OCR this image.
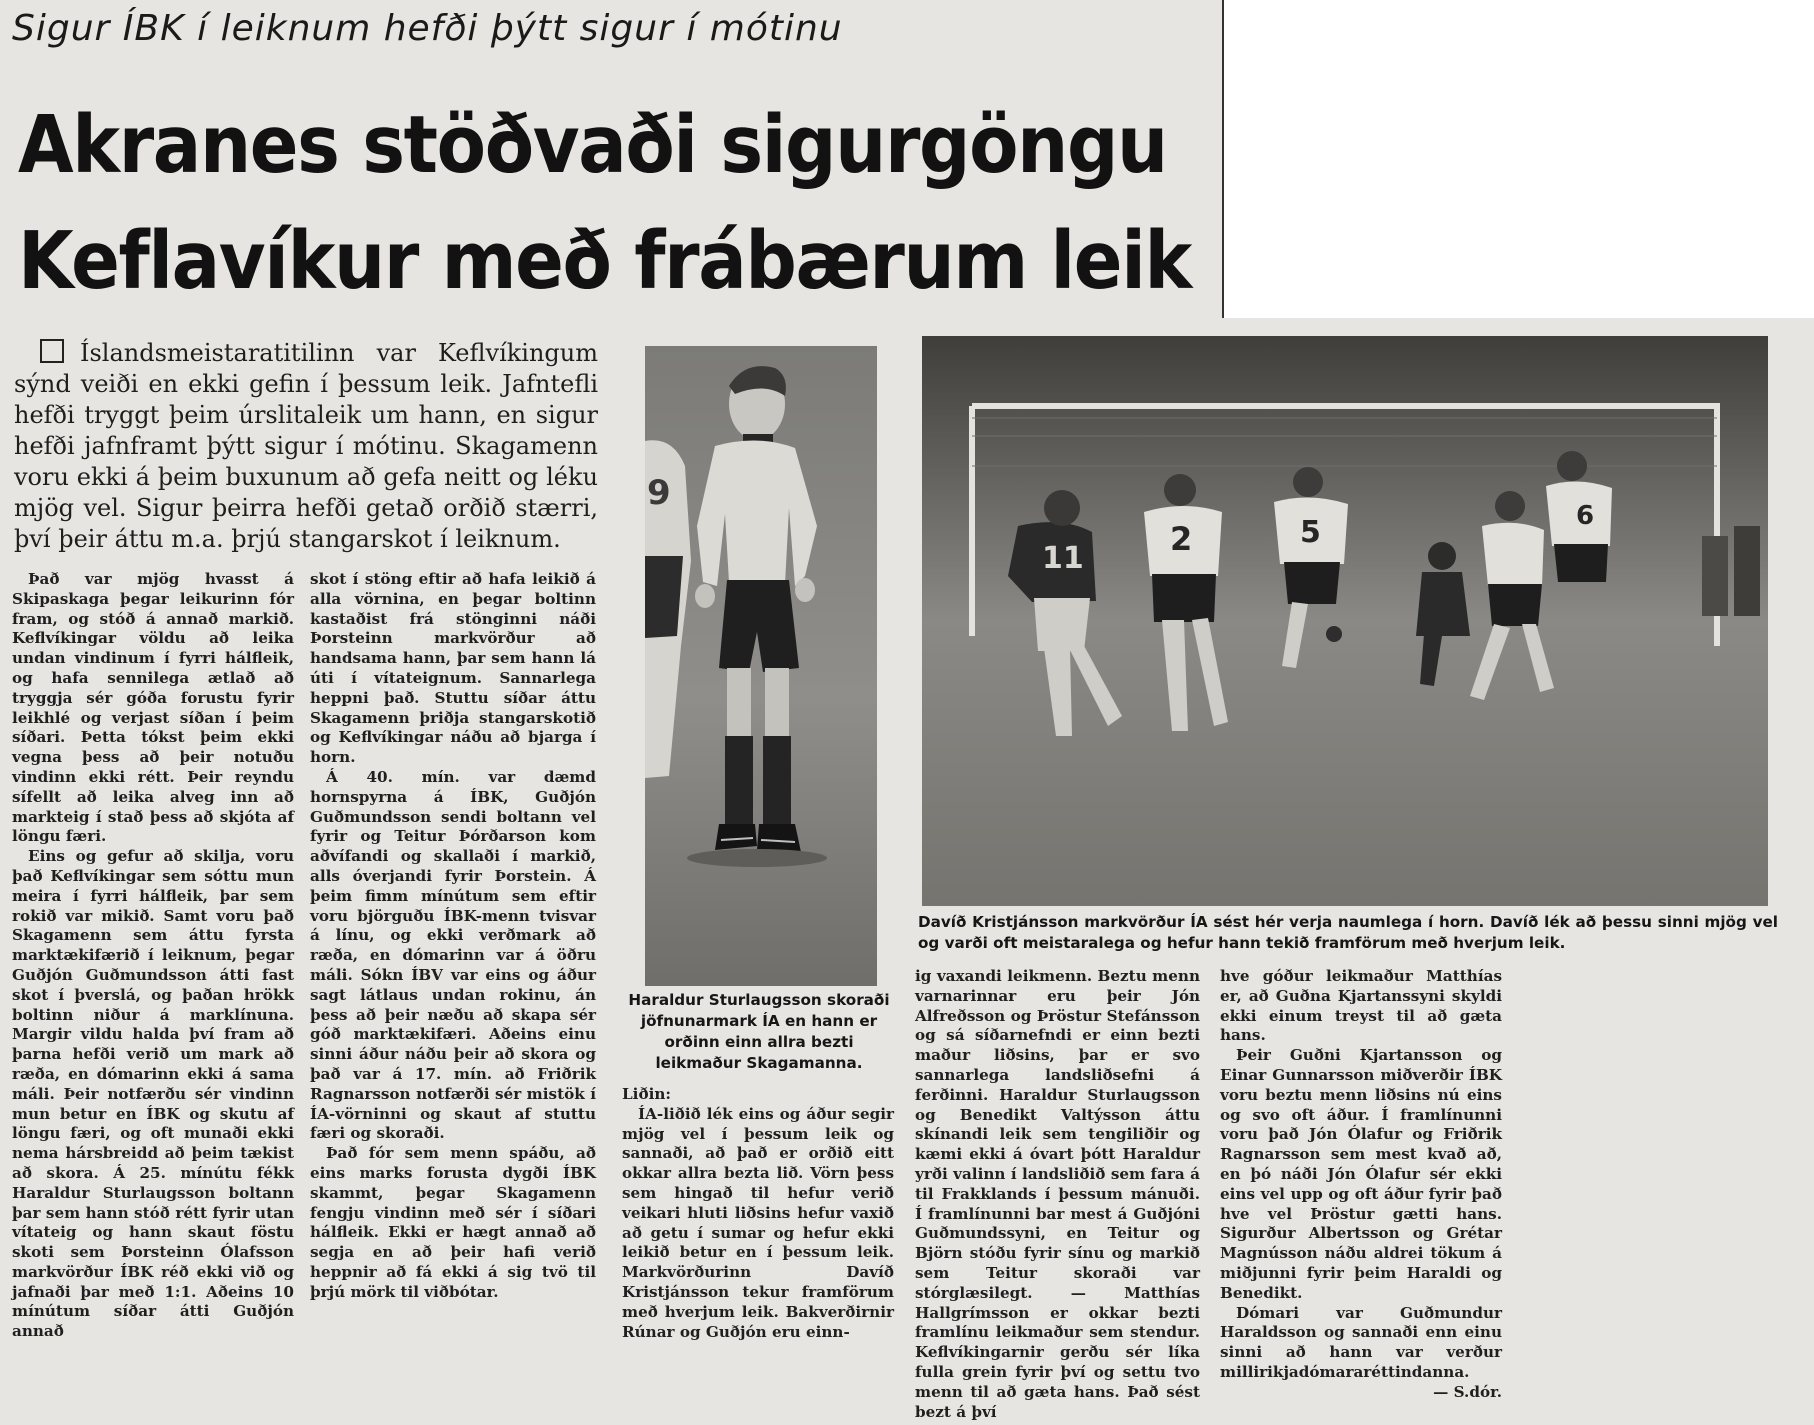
Sigur ÍBK í leiknum hefði þýtt sigur í mótinu
Akranes stöðvaði sigurgöngu
Keflavíkur með frábærum leik
Íslandsmeistaratitilinn var Keflvíkingum sýnd veiði en ekki gefin í þessum leik. Jafntefli hefði tryggt þeim úrslitaleik um hann, en sigur hefði jafnframt þýtt sigur í mótinu. Skagamenn voru ekki á þeim buxunum að gefa neitt og léku mjög vel. Sigur þeirra hefði getað orðið stærri, því þeir áttu m.a. þrjú stangarskot í leiknum.

Það var mjög hvasst á Skipaskaga þegar leikurinn fór fram, og stóð á annað markið. Keflvíkingar völdu að leika undan vindinum í fyrri hálfleik, og hafa sennilega ætlað að tryggja sér góða forustu fyrir leikhlé og verjast síðan í þeim síðari. Þetta tókst þeim ekki vegna þess að þeir notuðu vindinn ekki rétt. Þeir reyndu sífellt að leika alveg inn að markteig í stað þess að skjóta af löngu færi.

Eins og gefur að skilja, voru það Keflvíkingar sem sóttu mun meira í fyrri hálfleik, þar sem rokið var mikið. Samt voru það Skagamenn sem áttu fyrsta marktækifærið í leiknum, þegar Guðjón Guðmundsson átti fast skot í þverslá, og þaðan hrökk boltinn niður á marklínuna. Margir vildu halda því fram að þarna hefði verið um mark að ræða, en dómarinn ekki á sama máli. Þeir notfærðu sér vindinn mun betur en ÍBK og skutu af löngu færi, og oft munaði ekki nema hársbreidd að þeim tækist að skora. Á 25. mínútu fékk Haraldur Sturlaugsson boltann þar sem hann stóð rétt fyrir utan vítateig og hann skaut föstu skoti sem Þorsteinn Ólafsson markvörður ÍBK réð ekki við og jafnaði þar með 1:1. Aðeins 10 mínútum síðar átti Guðjón annað

skot í stöng eftir að hafa leikið á alla vörnina, en þegar boltinn kastaðist frá stönginni náði Þorsteinn markvörður að handsama hann, þar sem hann lá úti í vítateignum. Sannarlega heppni það. Stuttu síðar áttu Skagamenn þriðja stangarskotið og Keflvíkingar náðu að bjarga í horn.

Á 40. mín. var dæmd hornspyrna á ÍBK, Guðjón Guðmundsson sendi boltann vel fyrir og Teitur Þórðarson kom aðvífandi og skallaði í markið, alls óverjandi fyrir Þorstein. Á þeim fimm mínútum sem eftir voru björguðu ÍBK-menn tvisvar á línu, og ekki verðmark að ræða, en dómarinn var á öðru máli. Sókn ÍBV var eins og áður sagt látlaus undan rokinu, án þess að þeir næðu að skapa sér góð marktækifæri. Aðeins einu sinni áður náðu þeir að skora og það var á 17. mín. að Friðrik Ragnarsson notfærði sér mistök í ÍA-vörninni og skaut af stuttu færi og skoraði.

Það fór sem menn spáðu, að eins marks forusta dygði ÍBK skammt, þegar Skagamenn fengju vindinn með sér í síðari hálfleik. Ekki er hægt annað að segja en að þeir hafi verið heppnir að fá ekki á sig tvö til þrjú mörk til viðbótar.

Liðin:

ÍA-liðið lék eins og áður segir mjög vel í þessum leik og sannaði, að það er orðið eitt okkar allra bezta lið. Vörn þess sem hingað til hefur verið veikari hluti liðsins hefur vaxið að getu í sumar og hefur ekki leikið betur en í þessum leik. Markvörðurinn Davíð Kristjánsson tekur framförum með hverjum leik. Bakverðirnir Rúnar og Guðjón eru einn-

ig vaxandi leikmenn. Beztu menn varnarinnar eru þeir Jón Alfreðsson og Þröstur Stefánsson og sá síðarnefndi er einn bezti maður liðsins, þar er svo sannarlega landsliðsefni á ferðinni. Haraldur Sturlaugsson og Benedikt Valtýsson áttu skínandi leik sem tengiliðir og kæmi ekki á óvart þótt Haraldur yrði valinn í landsliðið sem fara á til Frakklands í þessum mánuði. Í framlínunni bar mest á Guðjóni Guðmundssyni, en Teitur og Björn stóðu fyrir sínu og markið sem Teitur skoraði var stórglæsilegt. — Matthías Hallgrímsson er okkar bezti framlínu leikmaður sem stendur. Keflvíkingarnir gerðu sér líka fulla grein fyrir því og settu tvo menn til að gæta hans. Það sést bezt á því

hve góður leikmaður Matthías er, að Guðna Kjartanssyni skyldi ekki einum treyst til að gæta hans.

Þeir Guðni Kjartansson og Einar Gunnarsson miðverðir ÍBK voru beztu menn liðsins nú eins og svo oft áður. Í framlínunni voru það Jón Ólafur og Friðrik Ragnarsson sem mest kvað að, en þó náði Jón Ólafur sér ekki eins vel upp og oft áður fyrir það hve vel Þröstur gætti hans. Sigurður Albertsson og Grétar Magnússon náðu aldrei tökum á miðjunni fyrir þeim Haraldi og Benedikt.

Dómari var Guðmundur Haraldsson og sannaði enn einu sinni að hann var verður millirikjadómararéttindanna.

— S.dór.

9
Haraldur Sturlaugsson skoraði jöfnunarmark ÍA en hann er orðinn einn allra bezti leikmaður Skagamanna.
11
2	5	6
Davíð Kristjánsson markvörður ÍA sést hér verja naumlega í horn. Davíð lék að þessu sinni mjög vel og varði oft meistaralega og hefur hann tekið framförum með hverjum leik.
